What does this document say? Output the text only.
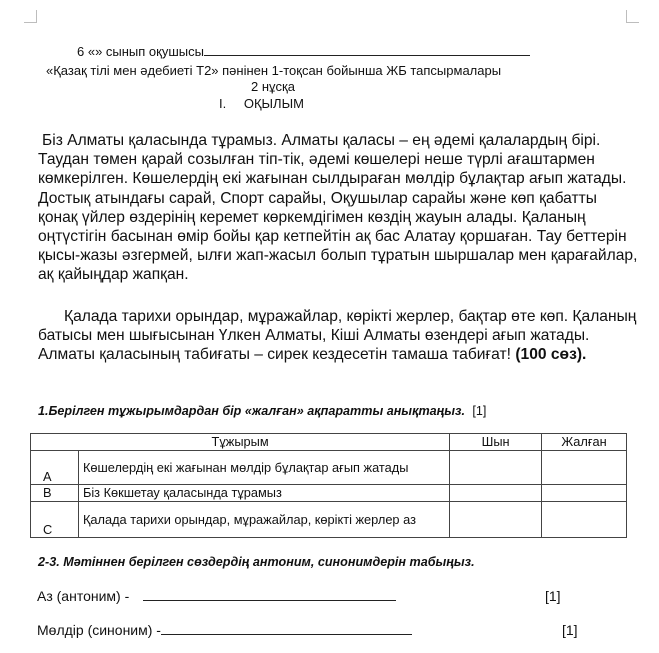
6 «» сынып оқушысы
«Қазақ тілі мен әдебиеті Т2» пәнінен 1-тоқсан бойынша ЖБ тапсырмалары
2 нұсқа
I. ОҚЫЛЫМ
Біз Алматы қаласында тұрамыз. Алматы қаласы – ең әдемі қалалардың бірі. Таудан төмен қарай созылған тіп-тік, әдемі көшелері неше түрлі ағаштармен көмкерілген. Көшелердің екі жағынан сылдыраған мөлдір бұлақтар ағып жатады. Достық атындағы сарай, Спорт сарайы, Оқушылар сарайы және көп қабатты қонақ үйлер өздерінің керемет көркемдігімен көздің жауын алады. Қаланың оңтүстігін басынан өмір бойы қар кетпейтін ақ бас Алатау қоршаған. Тау беттерін қысы-жазы әзгермей, ылғи жап-жасыл болып тұратын шыршалар мен қарағайлар, ақ қайыңдар жапқан.
Қалада тарихи орындар, мұражайлар, көрікті жерлер, бақтар өте көп. Қаланың батысы мен шығысынан Үлкен Алматы, Кіші Алматы өзендері ағып жатады. Алматы қаласының табиғаты – сирек кездесетін тамаша табиғат! (100 сөз).
1.Берілген тұжырымдардан бір «жалған» ақпаратты анықтаңыз. [1]
Тұжырым		Шын	Жалған
A	Көшелердің екі жағынан мөлдір бұлақтар ағып жатады		
B	Біз Көкшетау қаласында тұрамыз		
C	Қалада тарихи орындар, мұражайлар, көрікті жерлер аз		
2-3. Мәтіннен берілген сөздердің антоним, синонимдерін табыңыз.
Аз (антоним) -	[1]
Мөлдір (синоним) -	[1]
